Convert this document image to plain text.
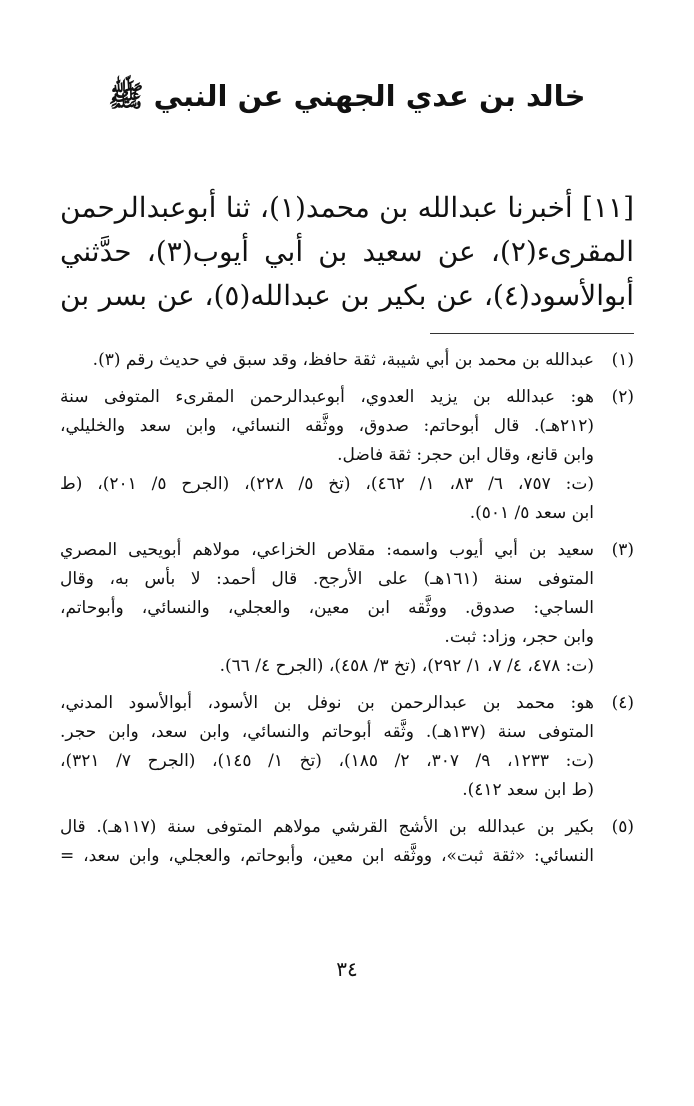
خالد بن عدي الجهني عن النبي ﷺ
[١١] أخبرنا عبدالله بن محمد(١)، ثنا أبوعبدالرحمن
المقرىء(٢)، عن سعيد بن أبي أيوب(٣)، حدَّثني
أبوالأسود(٤)، عن بكير بن عبدالله(٥)، عن بسر بن
(١)
عبدالله بن محمد بن أبي شيبة، ثقة حافظ، وقد سبق في حديث رقم (٣).
(٢)
هو: عبدالله بن يزيد العدوي، أبوعبدالرحمن المقرىء المتوفى سنة
(٢١٢هـ). قال أبوحاتم: صدوق، ووثَّقه النسائي، وابن سعد والخليلي،
وابن قانع، وقال ابن حجر: ثقة فاضل.
(ت: ٧٥٧، ٦/ ٨٣، ١/ ٤٦٢)، (تخ ٥/ ٢٢٨)، (الجرح ٥/ ٢٠١)، (ط
ابن سعد ٥/ ٥٠١).
(٣)
سعيد بن أبي أيوب واسمه: مقلاص الخزاعي، مولاهم أبويحيى المصري
المتوفى سنة (١٦١هـ) على الأرجح. قال أحمد: لا بأس به، وقال
الساجي: صدوق. ووثَّقه ابن معين، والعجلي، والنسائي، وأبوحاتم،
وابن حجر، وزاد: ثبت.
(ت: ٤٧٨، ٤/ ٧، ١/ ٢٩٢)، (تخ ٣/ ٤٥٨)، (الجرح ٤/ ٦٦).
(٤)
هو: محمد بن عبدالرحمن بن نوفل بن الأسود، أبوالأسود المدني،
المتوفى سنة (١٣٧هـ). وثَّقه أبوحاتم والنسائي، وابن سعد، وابن حجر.
(ت: ١٢٣٣، ٩/ ٣٠٧، ٢/ ١٨٥)، (تخ ١/ ١٤٥)، (الجرح ٧/ ٣٢١)،
(ط ابن سعد ٤١٢).
(٥)
بكير بن عبدالله بن الأشج القرشي مولاهم المتوفى سنة (١١٧هـ). قال
النسائي: «ثقة ثبت»، ووثَّقه ابن معين، وأبوحاتم، والعجلي، وابن سعد، =
٣٤
